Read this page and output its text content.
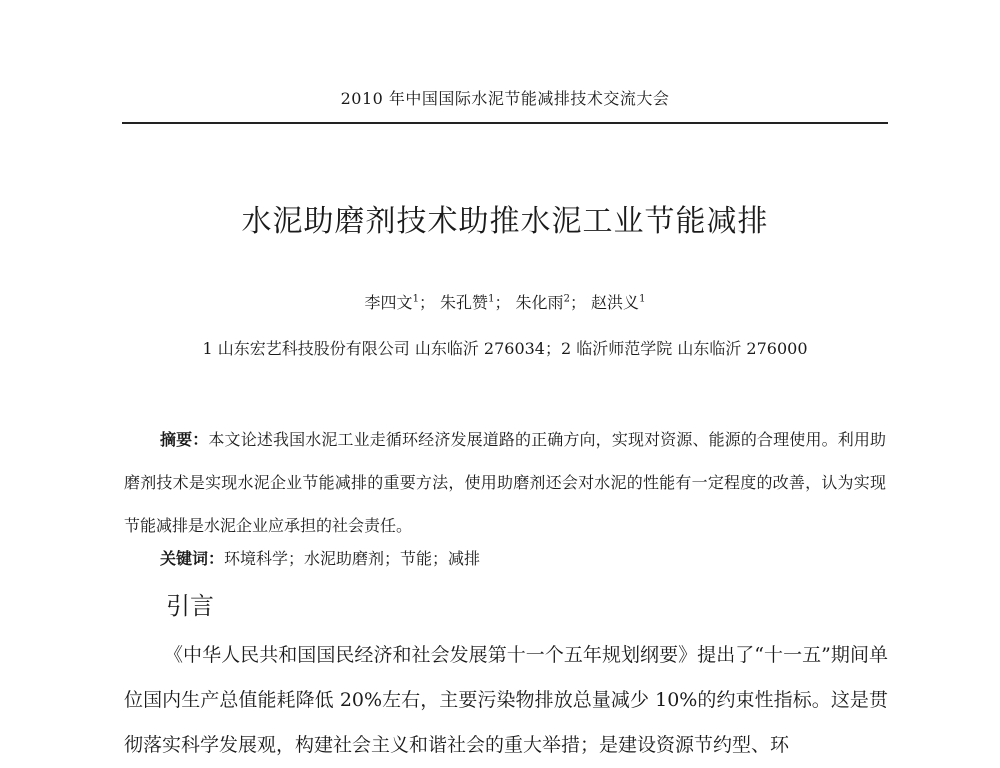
2010 年中国国际水泥节能减排技术交流大会
水泥助磨剂技术助推水泥工业节能减排
李四文$^1$； 朱孔赞$^1$； 朱化雨$^2$； 赵洪义$^1$
1 山东宏艺科技股份有限公司 山东临沂 276034；2 临沂师范学院 山东临沂 276000
摘要：本文论述我国水泥工业走循环经济发展道路的正确方向，实现对资源、能源的合理使用。利用助磨剂技术是实现水泥企业节能减排的重要方法，使用助磨剂还会对水泥的性能有一定程度的改善，认为实现节能减排是水泥企业应承担的社会责任。
关键词：环境科学；水泥助磨剂；节能；减排
引言
《中华人民共和国国民经济和社会发展第十一个五年规划纲要》提出了“十一五”期间单位国内生产总值能耗降低 20%左右，主要污染物排放总量减少 10%的约束性指标。这是贯彻落实科学发展观，构建社会主义和谐社会的重大举措；是建设资源节约型、环
